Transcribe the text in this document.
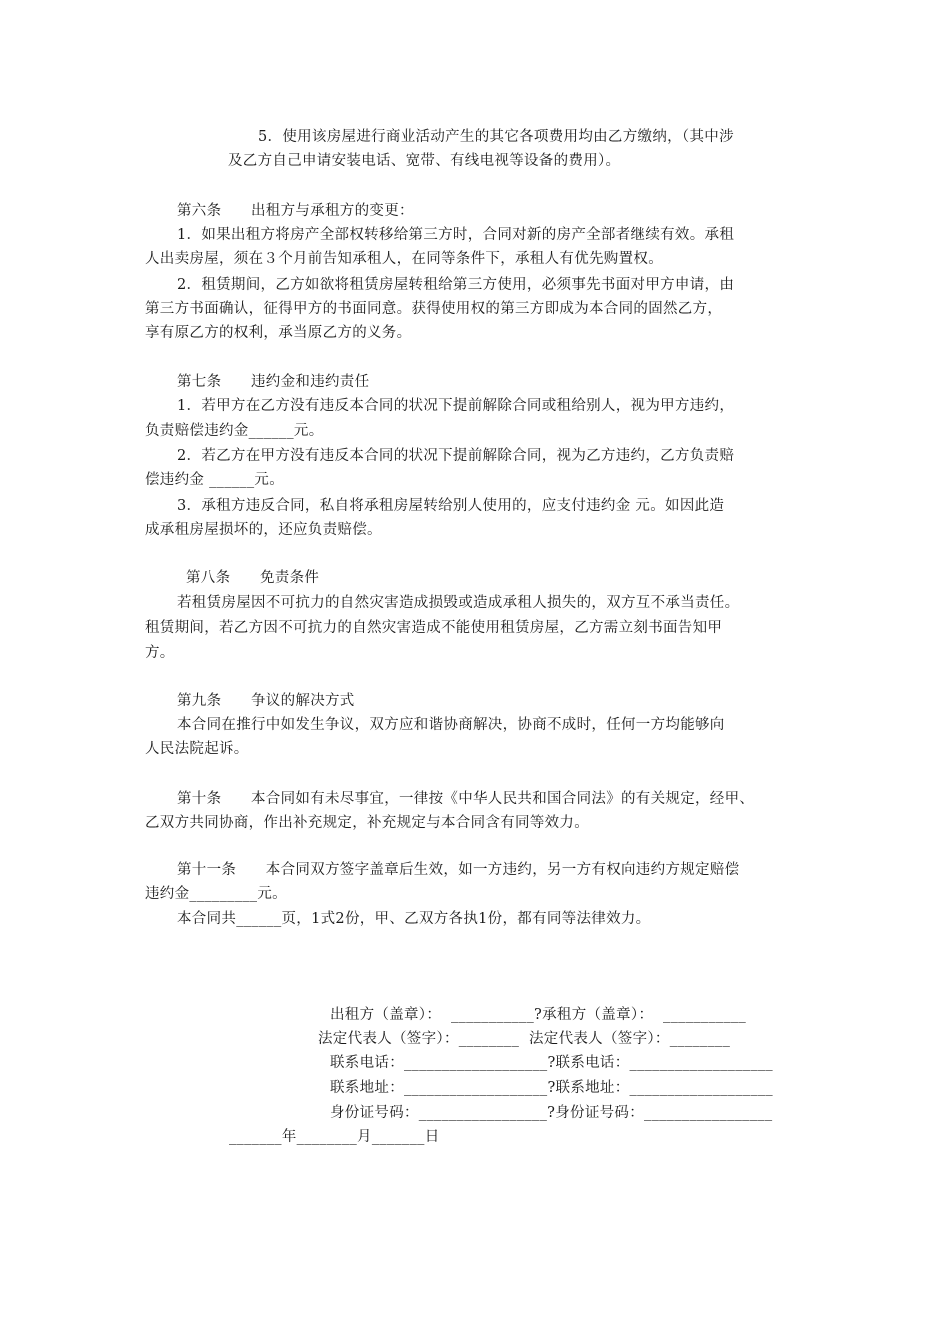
5．使用该房屋进行商业活动产生的其它各项费用均由乙方缴纳，（其中涉
及乙方自己申请安装电话、宽带、有线电视等设备的费用）。
第六条　　出租方与承租方的变更：
1．如果出租方将房产全部权转移给第三方时，合同对新的房产全部者继续有效。承租
人出卖房屋，须在３个月前告知承租人，在同等条件下，承租人有优先购置权。
2．租赁期间，乙方如欲将租赁房屋转租给第三方使用，必须事先书面对甲方申请，由
第三方书面确认，征得甲方的书面同意。获得使用权的第三方即成为本合同的固然乙方，
享有原乙方的权利，承当原乙方的义务。
第七条　　违约金和违约责任
1．若甲方在乙方没有违反本合同的状况下提前解除合同或租给别人，视为甲方违约，
负责赔偿违约金______元。
2．若乙方在甲方没有违反本合同的状况下提前解除合同，视为乙方违约，乙方负责赔
偿违约金 ______元。
3．承租方违反合同，私自将承租房屋转给别人使用的，应支付违约金 元。如因此造
成承租房屋损坏的，还应负责赔偿。
第八条　　免责条件
若租赁房屋因不可抗力的自然灾害造成损毁或造成承租人损失的，双方互不承当责任。
租赁期间，若乙方因不可抗力的自然灾害造成不能使用租赁房屋，乙方需立刻书面告知甲
方。
第九条　　争议的解决方式
本合同在推行中如发生争议，双方应和谐协商解决，协商不成时，任何一方均能够向
人民法院起诉。
第十条　　本合同如有未尽事宜，一律按《中华人民共和国合同法》的有关规定，经甲、
乙双方共同协商，作出补充规定，补充规定与本合同含有同等效力。
第十一条　　本合同双方签字盖章后生效，如一方违约，另一方有权向违约方规定赔偿
违约金_________元。
本合同共______页，1式2份，甲、乙双方各执1份，都有同等法律效力。
出租方（盖章）：  ___________?承租方（盖章）：  ___________
法定代表人（签字）：________  法定代表人（签字）：________
联系电话：___________________?联系电话：___________________
联系地址：___________________?联系地址：___________________
身份证号码：_________________?身份证号码：_________________
_______年________月_______日
